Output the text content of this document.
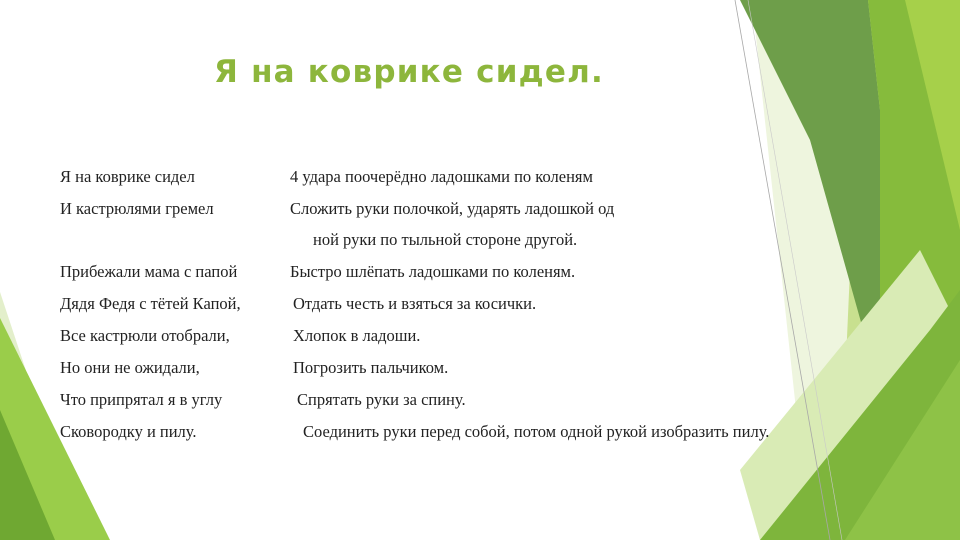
Я на коврике сидел.
Я на коврике сидел
И кастрюлями гремел
Прибежали мама с папой
Дядя Федя с тётей Капой,
Все кастрюли отобрали,
Но они не ожидали,
Что припрятал я в углу
Сковородку и пилу.
4 удара поочерёдно ладошками по коленям
Сложить руки полочкой, ударять ладошкой од
ной руки по тыльной стороне другой.
Быстро шлёпать ладошками по коленям.
Отдать честь и взяться за косички.
Хлопок в ладоши.
Погрозить пальчиком.
Спрятать руки за спину.
Соединить руки перед собой, потом одной рукой изобразить пилу.
